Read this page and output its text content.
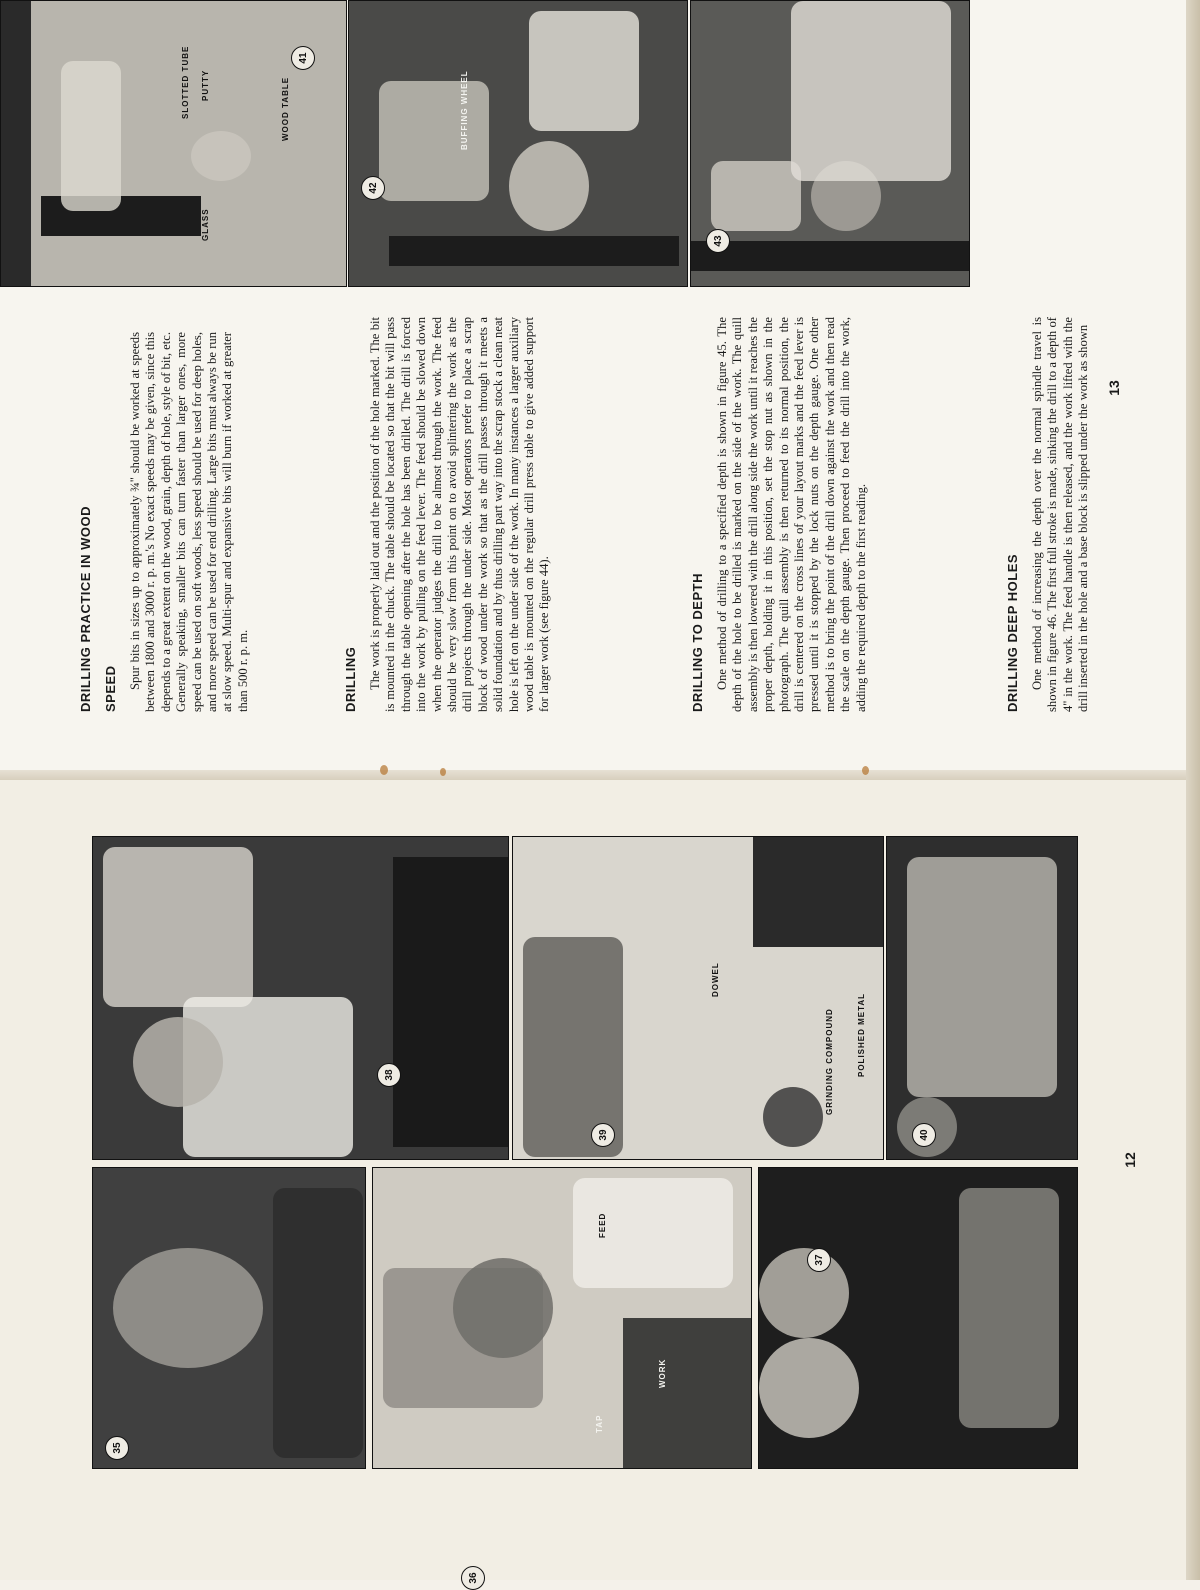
41
SLOTTED TUBE PUTTY	WOOD TABLE
GLASS
42
43
BUFFING WHEEL
DRILLING PRACTICE IN WOOD SPEED Spur bits in sizes up to approximately ¾" should be worked at speeds between 1800 and 3000 r. p. m.'s No exact speeds may be given, since this depends to a great extent on the wood, grain, depth of hole, style of bit, etc. Generally speaking, smaller bits can turn faster than larger ones, more speed can be used on soft woods, less speed should be used for deep holes, and more speed can be used for end drilling. Large bits must always be run at slow speed. Multi-spur and expansive bits will burn if worked at greater than 500 r. p. m.	DRILLING The work is properly laid out and the position of the hole marked. The bit is mounted in the chuck. The table should be located so that the bit will pass through the table opening after the hole has been drilled. The drill is forced into the work by pulling on the feed lever. The feed should be slowed down when the operator judges the drill to be almost through the work. The feed should be very slow from this point on to avoid splintering the work as the drill projects through the under side. Most operators prefer to place a scrap block of wood under the work so that as the drill passes through it meets a solid foundation and by thus drilling part way into the scrap stock a clean neat hole is left on the under side of the work. In many instances a larger auxiliary wood table is mounted on the regular drill press table to give added support for larger work (see figure 44).	DRILLING TO DEPTH One method of drilling to a specified depth is shown in figure 45. The depth of the hole to be drilled is marked on the side of the work. The quill assembly is then lowered with the drill along side the work until it reaches the proper depth, holding it in this position, set the stop nut as shown in the photograph. The quill assembly is then returned to its normal position, the drill is centered on the cross lines of your layout marks and the feed lever is pressed until it is stopped by the lock nuts on the depth gauge. One other method is to bring the point of the drill down against the work and then read the scale on the depth gauge. Then proceed to feed the drill into the work, adding the required depth to the first reading.	DRILLING DEEP HOLES One method of increasing the depth over the normal spindle travel is shown in figure 46. The first full stroke is made, sinking the drill to a depth of 4" in the work. The feed handle is then released, and the work lifted with the drill inserted in the hole and a base block is slipped under the work as shown 13
35
36
FEED
WORK
TAP
37
38
39
DOWEL
POLISHED METAL
GRINDING COMPOUND
40
12
